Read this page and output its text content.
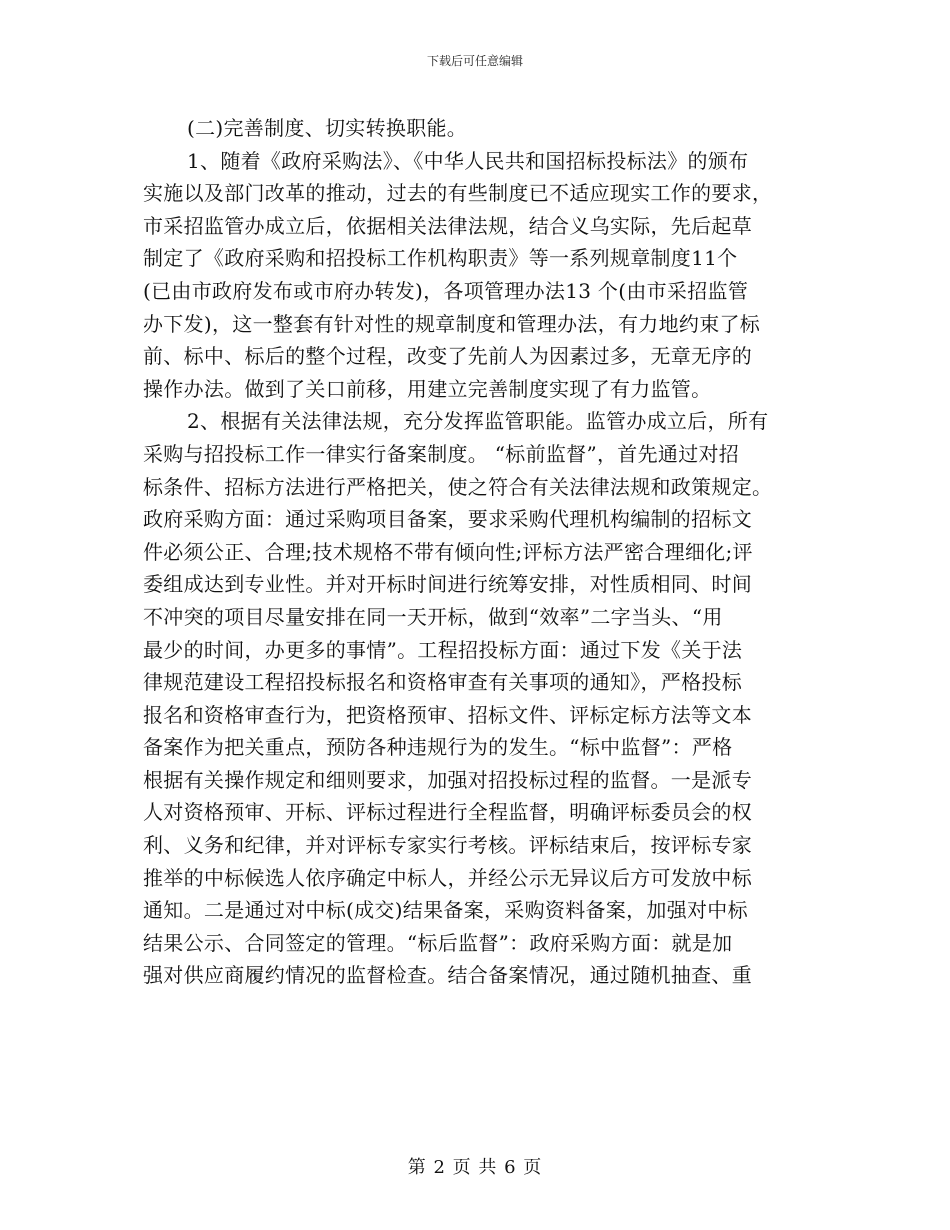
下载后可任意编辑
(二)完善制度、切实转换职能。
1、随着《政府采购法》、《中华人民共和国招标投标法》的颁布
实施以及部门改革的推动，过去的有些制度已不适应现实工作的要求，
市采招监管办成立后，依据相关法律法规，结合义乌实际，先后起草
制定了《政府采购和招投标工作机构职责》等一系列规章制度11个
(已由市政府发布或市府办转发)，各项管理办法13 个(由市采招监管
办下发)，这一整套有针对性的规章制度和管理办法，有力地约束了标
前、标中、标后的整个过程，改变了先前人为因素过多，无章无序的
操作办法。做到了关口前移，用建立完善制度实现了有力监管。
2、根据有关法律法规，充分发挥监管职能。监管办成立后，所有
采购与招投标工作一律实行备案制度。 “标前监督”，首先通过对招
标条件、招标方法进行严格把关，使之符合有关法律法规和政策规定。
政府采购方面：通过采购项目备案，要求采购代理机构编制的招标文
件必须公正、合理;技术规格不带有倾向性;评标方法严密合理细化;评
委组成达到专业性。并对开标时间进行统筹安排，对性质相同、时间
不冲突的项目尽量安排在同一天开标，做到“效率”二字当头、“用
最少的时间，办更多的事情”。工程招投标方面：通过下发《关于法
律规范建设工程招投标报名和资格审查有关事项的通知》，严格投标
报名和资格审查行为，把资格预审、招标文件、评标定标方法等文本
备案作为把关重点，预防各种违规行为的发生。“标中监督”：严格
根据有关操作规定和细则要求，加强对招投标过程的监督。一是派专
人对资格预审、开标、评标过程进行全程监督，明确评标委员会的权
利、义务和纪律，并对评标专家实行考核。评标结束后，按评标专家
推举的中标候选人依序确定中标人，并经公示无异议后方可发放中标
通知。二是通过对中标(成交)结果备案，采购资料备案，加强对中标
结果公示、合同签定的管理。“标后监督”：政府采购方面：就是加
强对供应商履约情况的监督检查。结合备案情况，通过随机抽查、重
第 2 页 共 6 页
